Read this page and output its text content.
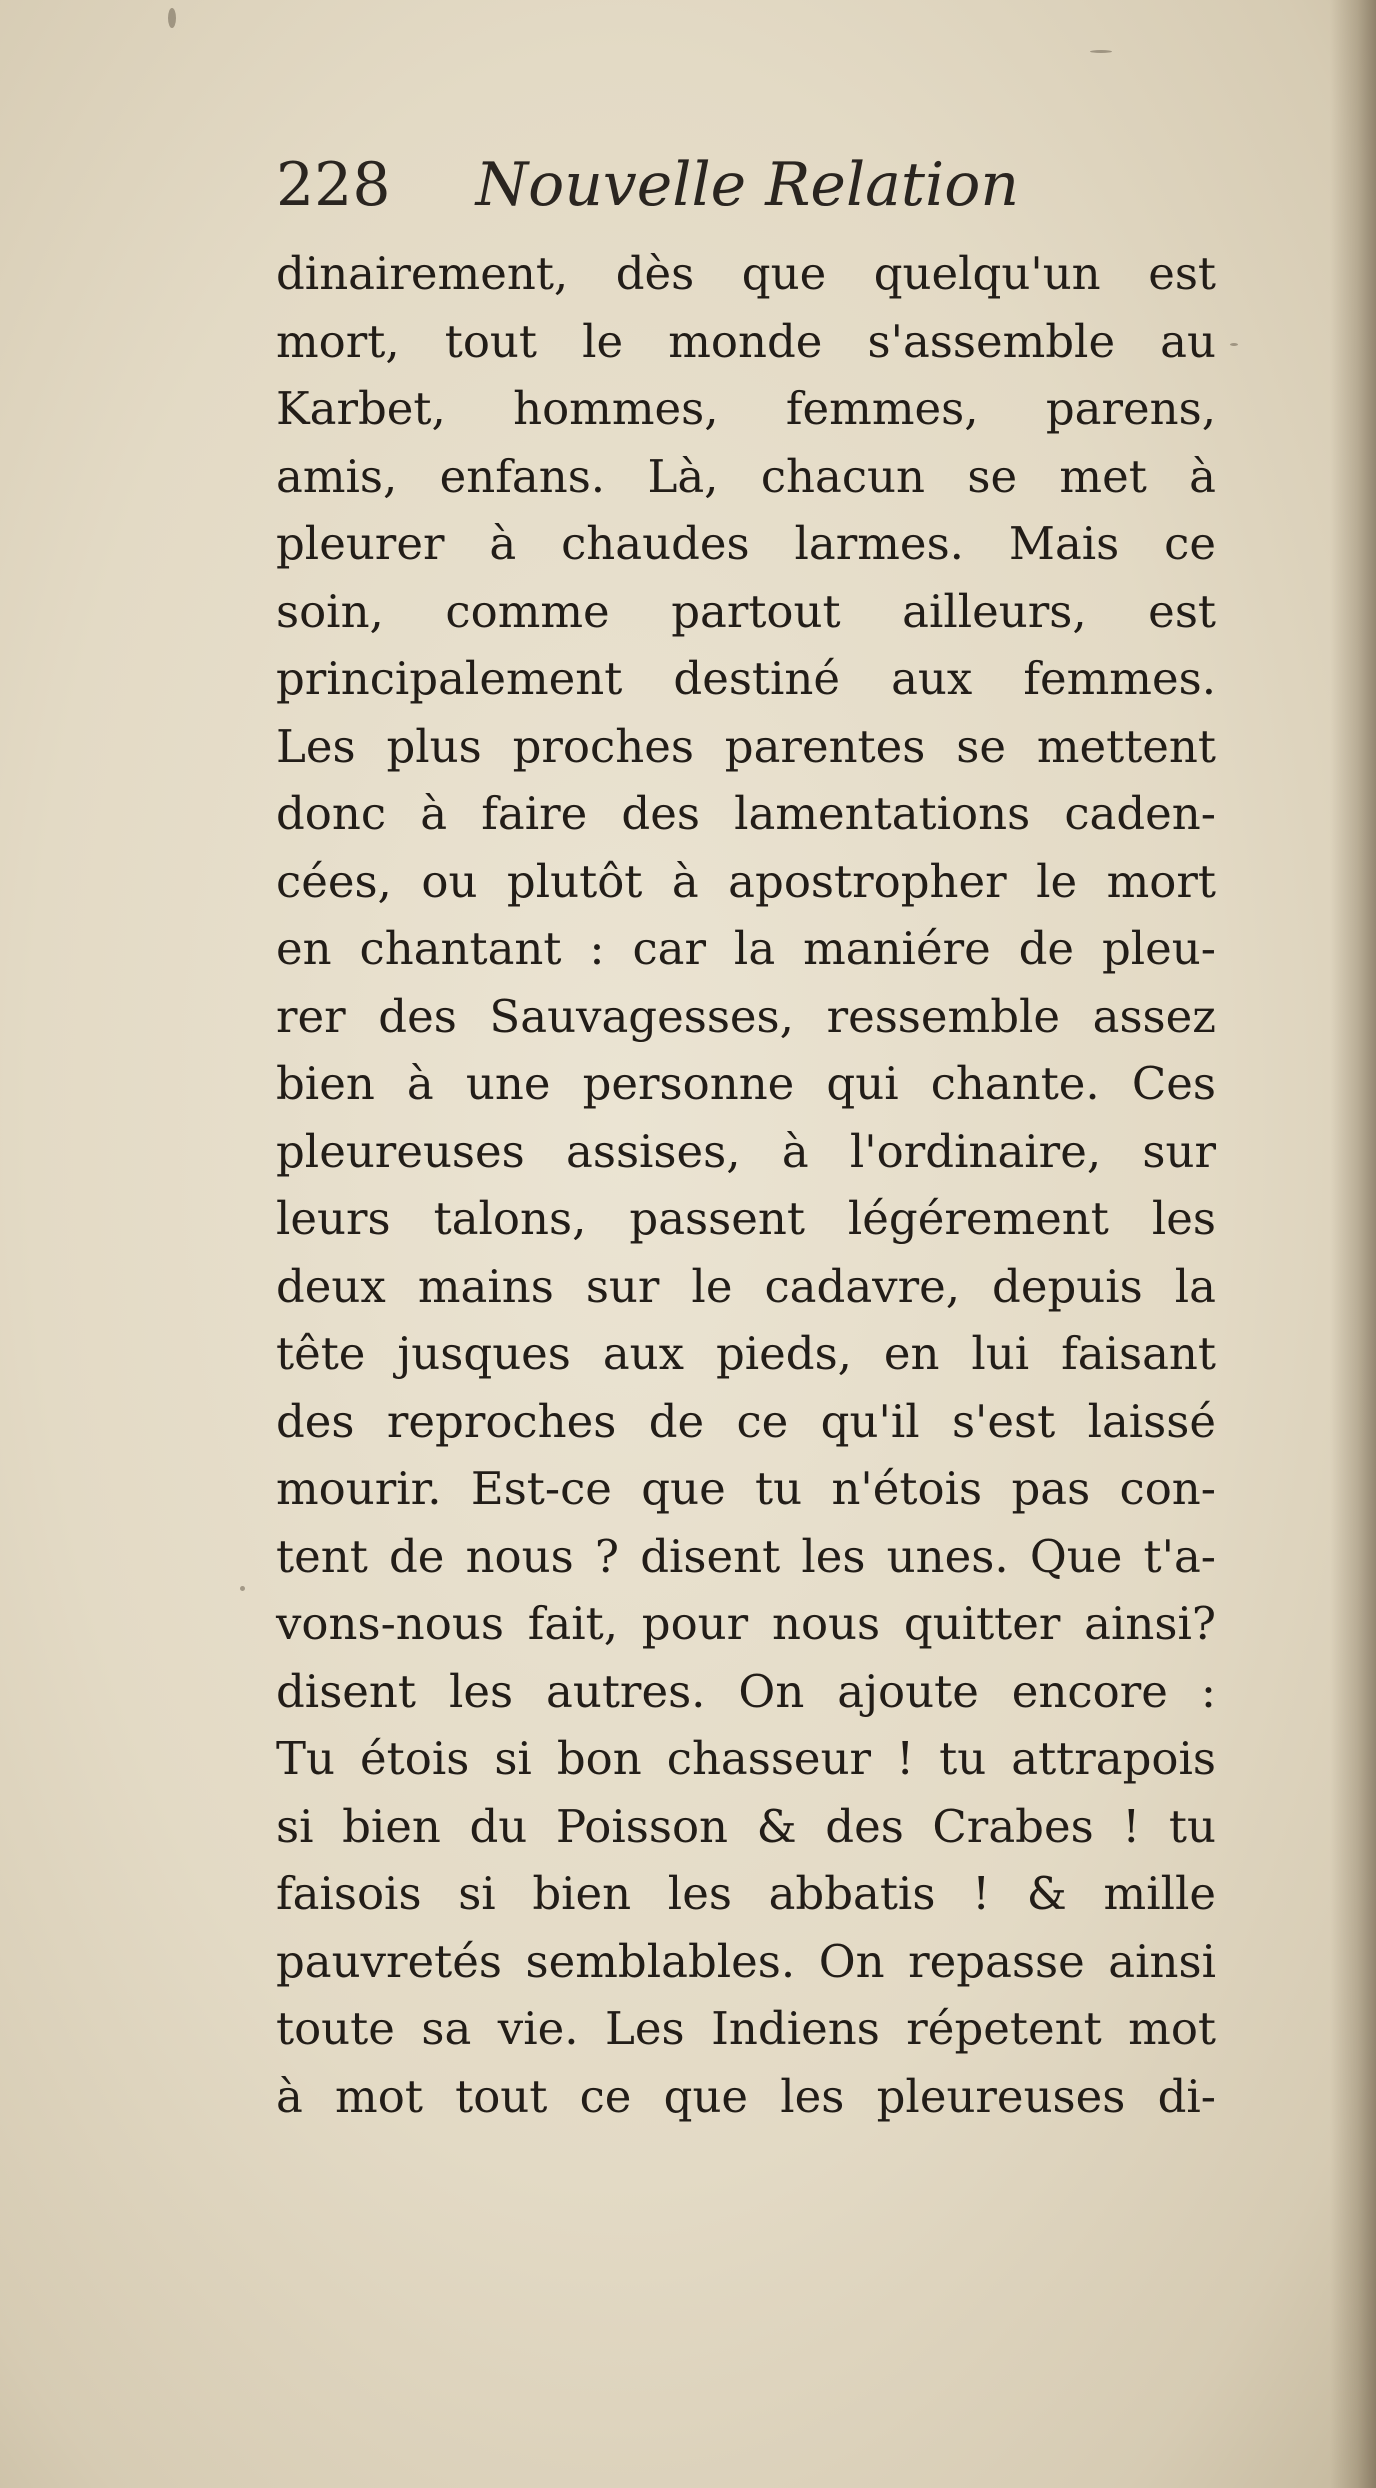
228 Nouvelle Relation
dinairement, dès que quelqu'un est
mort, tout le monde s'assemble au
Karbet, hommes, femmes, parens,
amis, enfans. Là, chacun se met à
pleurer à chaudes larmes. Mais ce
soin, comme partout ailleurs, est
principalement destiné aux femmes.
Les plus proches parentes se mettent
donc à faire des lamentations caden-
cées, ou plutôt à apostropher le mort
en chantant : car la maniére de pleu-
rer des Sauvagesses, ressemble assez
bien à une personne qui chante. Ces
pleureuses assises, à l'ordinaire, sur
leurs talons, passent légérement les
deux mains sur le cadavre, depuis la
tête jusques aux pieds, en lui faisant
des reproches de ce qu'il s'est laissé
mourir. Est-ce que tu n'étois pas con-
tent de nous ? disent les unes. Que t'a-
vons-nous fait, pour nous quitter ainsi?
disent les autres. On ajoute encore :
Tu étois si bon chasseur ! tu attrapois
si bien du Poisson & des Crabes ! tu
faisois si bien les abbatis ! & mille
pauvretés semblables. On repasse ainsi
toute sa vie. Les Indiens répetent mot
à mot tout ce que les pleureuses di-
